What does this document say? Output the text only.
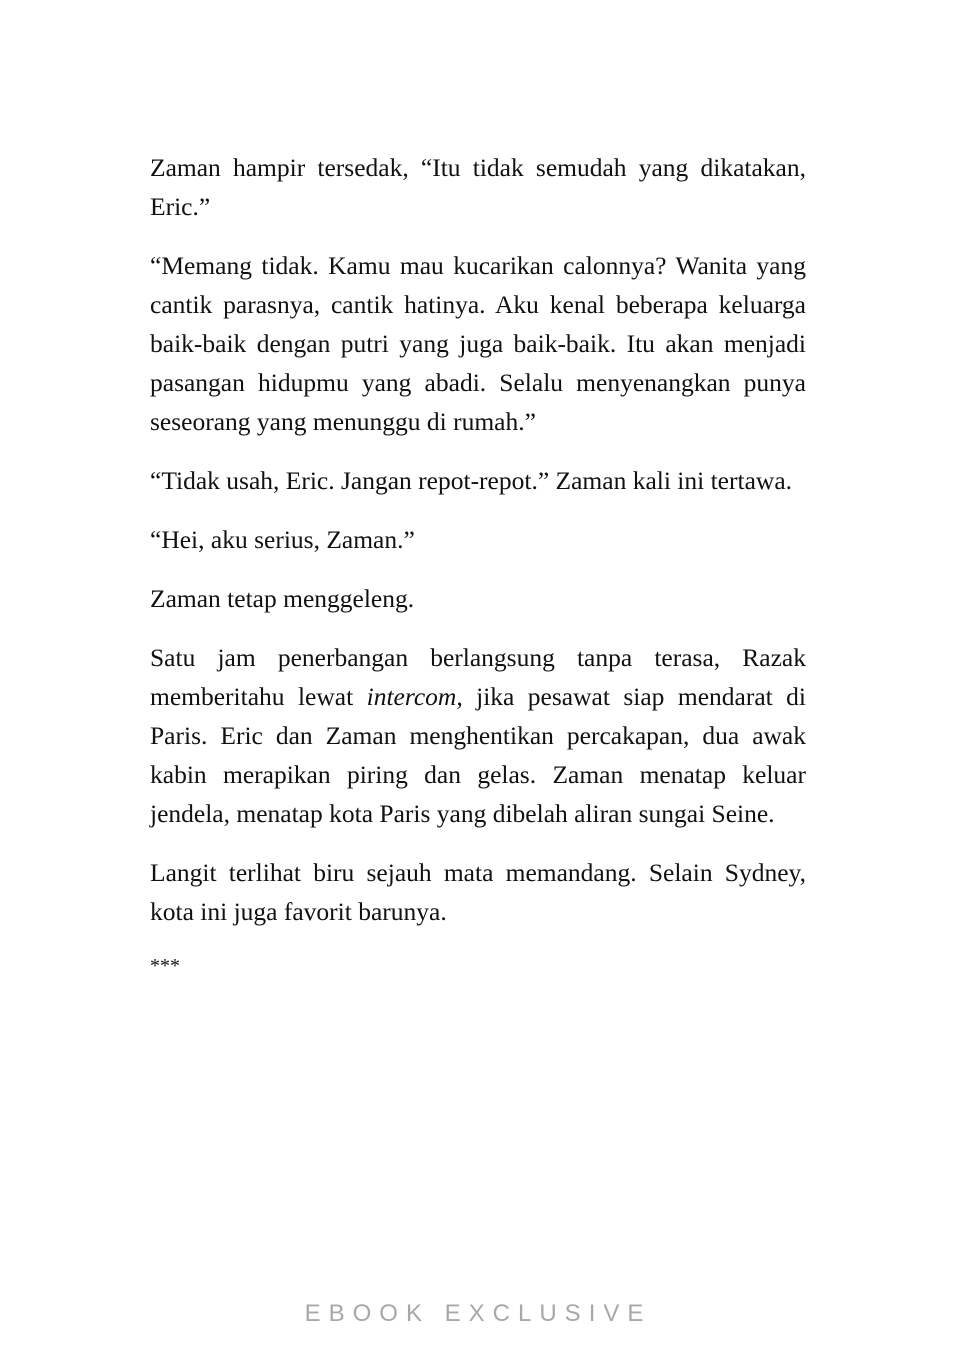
Zaman hampir tersedak, “Itu tidak semudah yang dikatakan, Eric.”

“Memang tidak. Kamu mau kucarikan calonnya? Wanita yang cantik parasnya, cantik hatinya. Aku kenal beberapa keluarga baik-baik dengan putri yang juga baik-baik. Itu akan menjadi pasangan hidupmu yang abadi. Selalu menyenangkan punya seseorang yang menunggu di rumah.”

“Tidak usah, Eric. Jangan repot-repot.” Zaman kali ini tertawa.

“Hei, aku serius, Zaman.”

Zaman tetap menggeleng.

Satu jam penerbangan berlangsung tanpa terasa, Razak memberitahu lewat intercom, jika pesawat siap mendarat di Paris. Eric dan Zaman menghentikan percakapan, dua awak kabin merapikan piring dan gelas. Zaman menatap keluar jendela, menatap kota Paris yang dibelah aliran sungai Seine.

Langit terlihat biru sejauh mata memandang. Selain Sydney, kota ini juga favorit barunya.

***

EBOOK EXCLUSIVE
